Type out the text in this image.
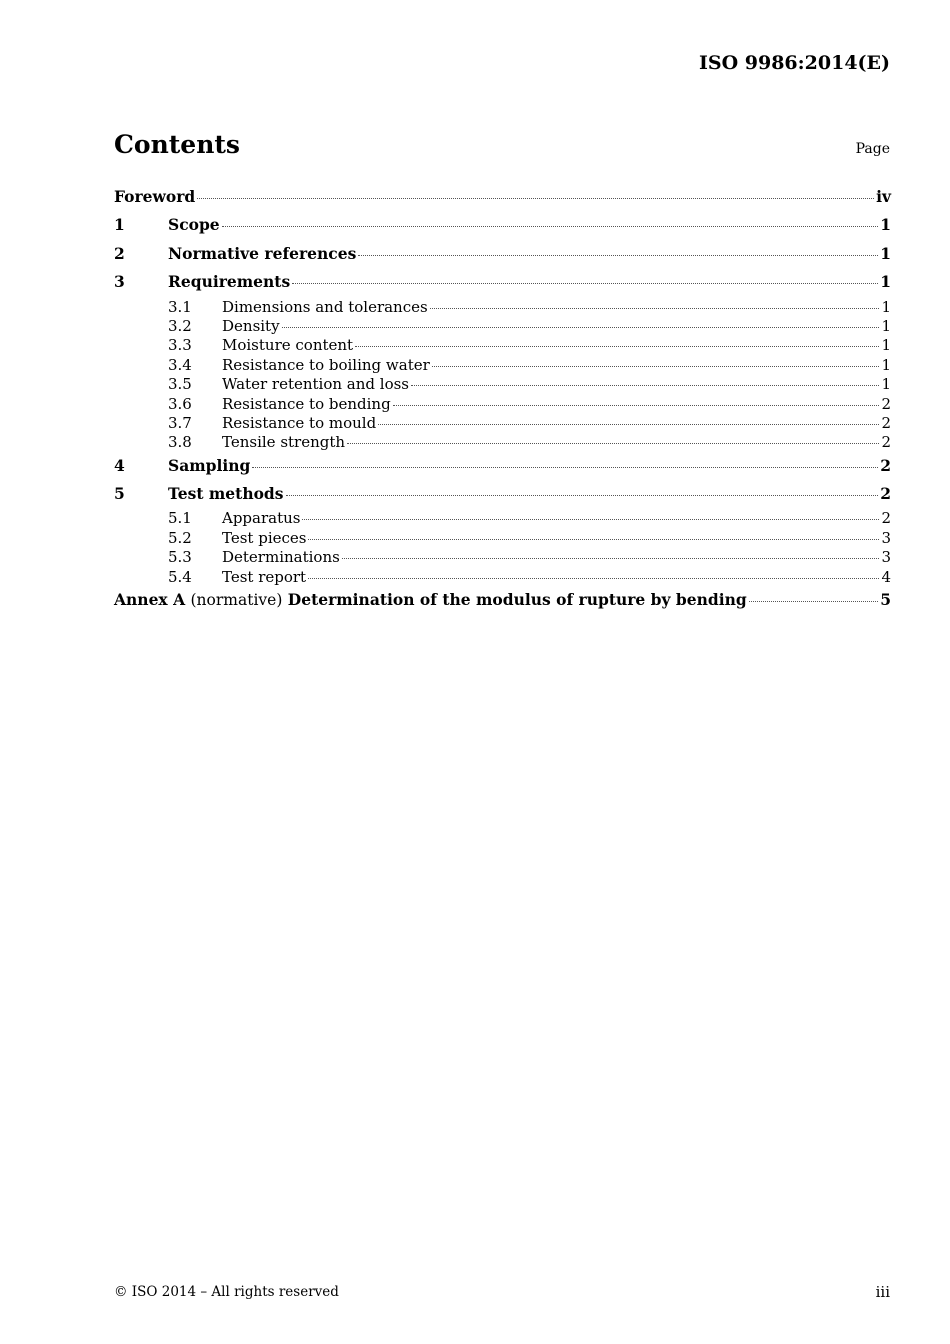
ISO 9986:2014(E)
Contents	Page
Foreword	iv
1	Scope	1
2	Normative references	1
3	Requirements	1
3.1	Dimensions and tolerances	1
3.2	Density	1
3.3	Moisture content	1
3.4	Resistance to boiling water	1
3.5	Water retention and loss	1
3.6	Resistance to bending	2
3.7	Resistance to mould	2
3.8	Tensile strength	2
4	Sampling	2
5	Test methods	2
5.1	Apparatus	2
5.2	Test pieces	3
5.3	Determinations	3
5.4	Test report	4
Annex A (normative) Determination of the modulus of rupture by bending	5
© ISO 2014 – All rights reserved	iii
